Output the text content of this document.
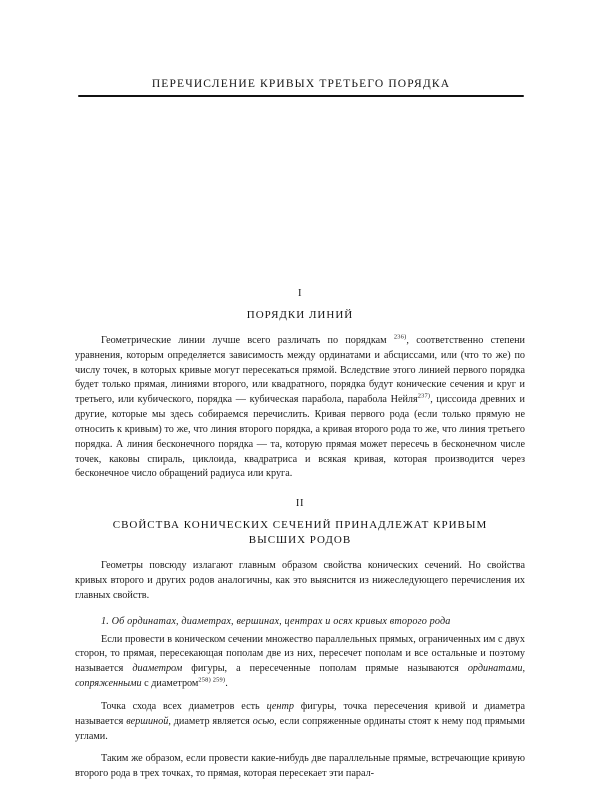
ПЕРЕЧИСЛЕНИЕ КРИВЫХ ТРЕТЬЕГО ПОРЯДКА
I
ПОРЯДКИ ЛИНИЙ

Геометрические линии лучше всего различать по порядкам $^{236)}$, соответственно степени уравнения, которым определяется зависимость между ординатами и абсциссами, или (что то же) по числу точек, в которых кривые могут пересекаться прямой. Вследствие этого линией первого порядка будет только прямая, линиями второго, или квадратного, порядка будут конические сечения и круг и третьего, или кубического, порядка — кубическая парабола, парабола Нейля$^{237)}$, циссоида древних и другие, которые мы здесь собираемся перечислить. Кривая первого рода (если только прямую не относить к кривым) то же, что линия второго порядка, а кривая второго рода то же, что линия третьего порядка. А линия бесконечного порядка — та, которую прямая может пересечь в бесконечном числе точек, каковы спираль, циклоида, квадратриса и всякая кривая, которая производится через бесконечное число обращений радиуса или круга.

II
СВОЙСТВА КОНИЧЕСКИХ СЕЧЕНИЙ ПРИНАДЛЕЖАТ КРИВЫМ
ВЫСШИХ РОДОВ

Геометры повсюду излагают главным образом свойства конических сечений. Но свойства кривых второго и других родов аналогичны, как это выяснится из нижеследующего перечисления их главных свойств.

1. Об ординатах, диаметрах, вершинах, центрах и осях кривых второго рода

Если провести в коническом сечении множество параллельных прямых, ограниченных им с двух сторон, то прямая, пересекающая пополам две из них, пересечет пополам и все остальные и поэтому называется диаметром фигуры, а пересеченные пополам прямые называются ординатами, сопряженными с диаметром$^{258) 259)}$.

Точка схода всех диаметров есть центр фигуры, точка пересечения кривой и диаметра называется вершиной, диаметр является осью, если сопряженные ординаты стоят к нему под прямыми углами.

Таким же образом, если провести какие-нибудь две параллельные прямые, встречающие кривую второго рода в трех точках, то прямая, которая пересекает эти парал-
